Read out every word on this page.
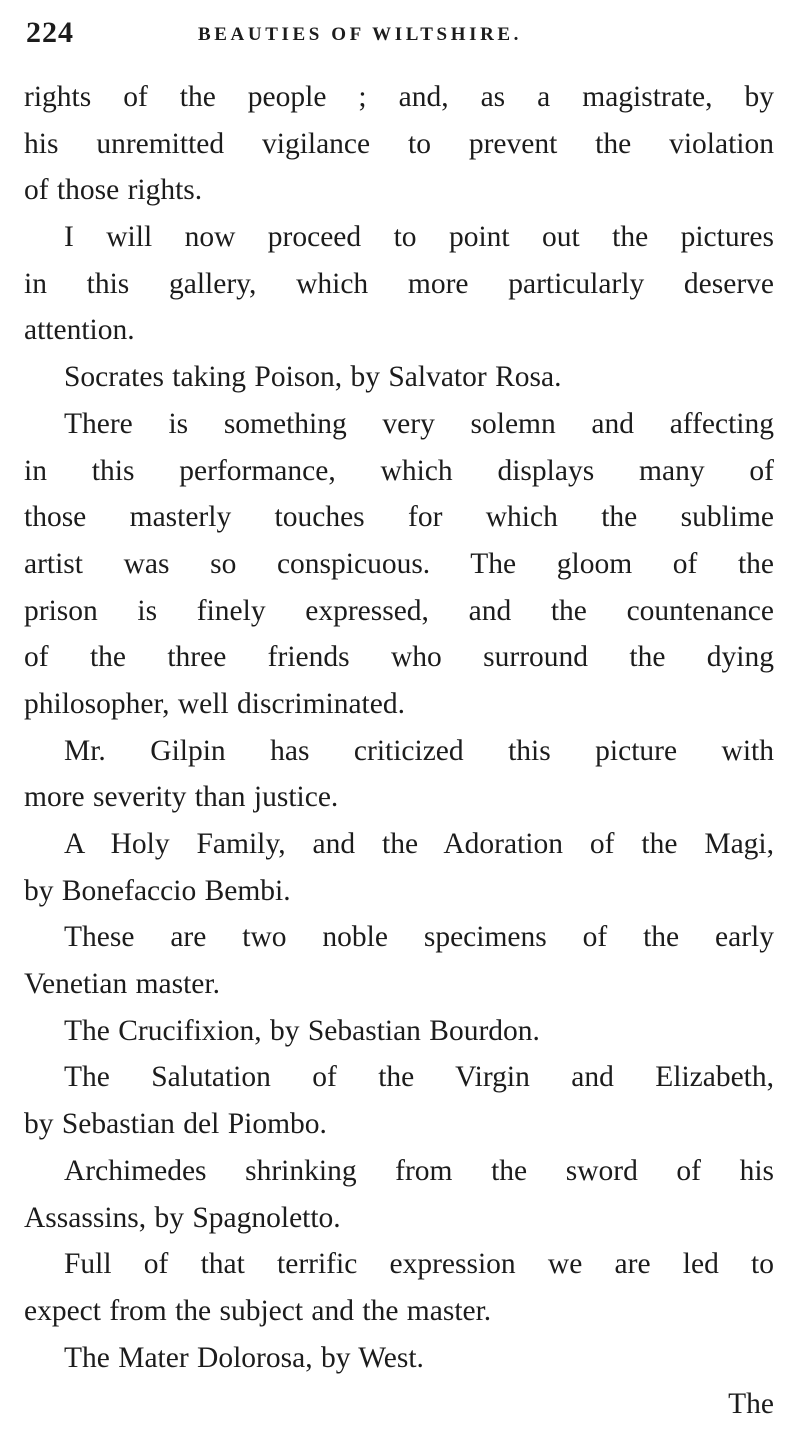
224	BEAUTIES OF WILTSHIRE.
rights of the people ; and, as a magistrate, by
his unremitted vigilance to prevent the violation
of those rights.
I will now proceed to point out the pictures
in this gallery, which more particularly deserve
attention.
Socrates taking Poison, by Salvator Rosa.
There is something very solemn and affecting
in this performance, which displays many of
those masterly touches for which the sublime
artist was so conspicuous. The gloom of the
prison is finely expressed, and the countenance
of the three friends who surround the dying
philosopher, well discriminated.
Mr. Gilpin has criticized this picture with
more severity than justice.
A Holy Family, and the Adoration of the Magi,
by Bonefaccio Bembi.
These are two noble specimens of the early
Venetian master.
The Crucifixion, by Sebastian Bourdon.
The Salutation of the Virgin and Elizabeth,
by Sebastian del Piombo.
Archimedes shrinking from the sword of his
Assassins, by Spagnoletto.
Full of that terrific expression we are led to
expect from the subject and the master.
The Mater Dolorosa, by West.
The
